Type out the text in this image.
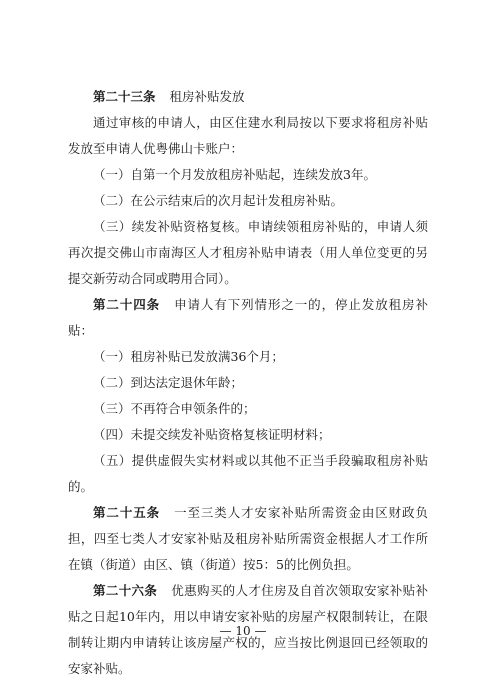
第二十三条 租房补贴发放

通过审核的申请人，由区住建水利局按以下要求将租房补贴发放至申请人优粤佛山卡账户：

（一）自第一个月发放租房补贴起，连续发放3年。

（二）在公示结束后的次月起计发租房补贴。

（三）续发补贴资格复核。申请续领租房补贴的，申请人须再次提交佛山市南海区人才租房补贴申请表（用人单位变更的另提交新劳动合同或聘用合同）。

第二十四条 申请人有下列情形之一的，停止发放租房补贴：

（一）租房补贴已发放满36个月；

（二）到达法定退休年龄；

（三）不再符合申领条件的；

（四）未提交续发补贴资格复核证明材料；

（五）提供虚假失实材料或以其他不正当手段骗取租房补贴的。

第二十五条 一至三类人才安家补贴所需资金由区财政负担，四至七类人才安家补贴及租房补贴所需资金根据人才工作所在镇（街道）由区、镇（街道）按5：5的比例负担。

第二十六条 优惠购买的人才住房及自首次领取安家补贴补贴之日起10年内，用以申请安家补贴的房屋产权限制转让，在限制转让期内申请转让该房屋产权的，应当按比例退回已经领取的安家补贴。

— 10 —
